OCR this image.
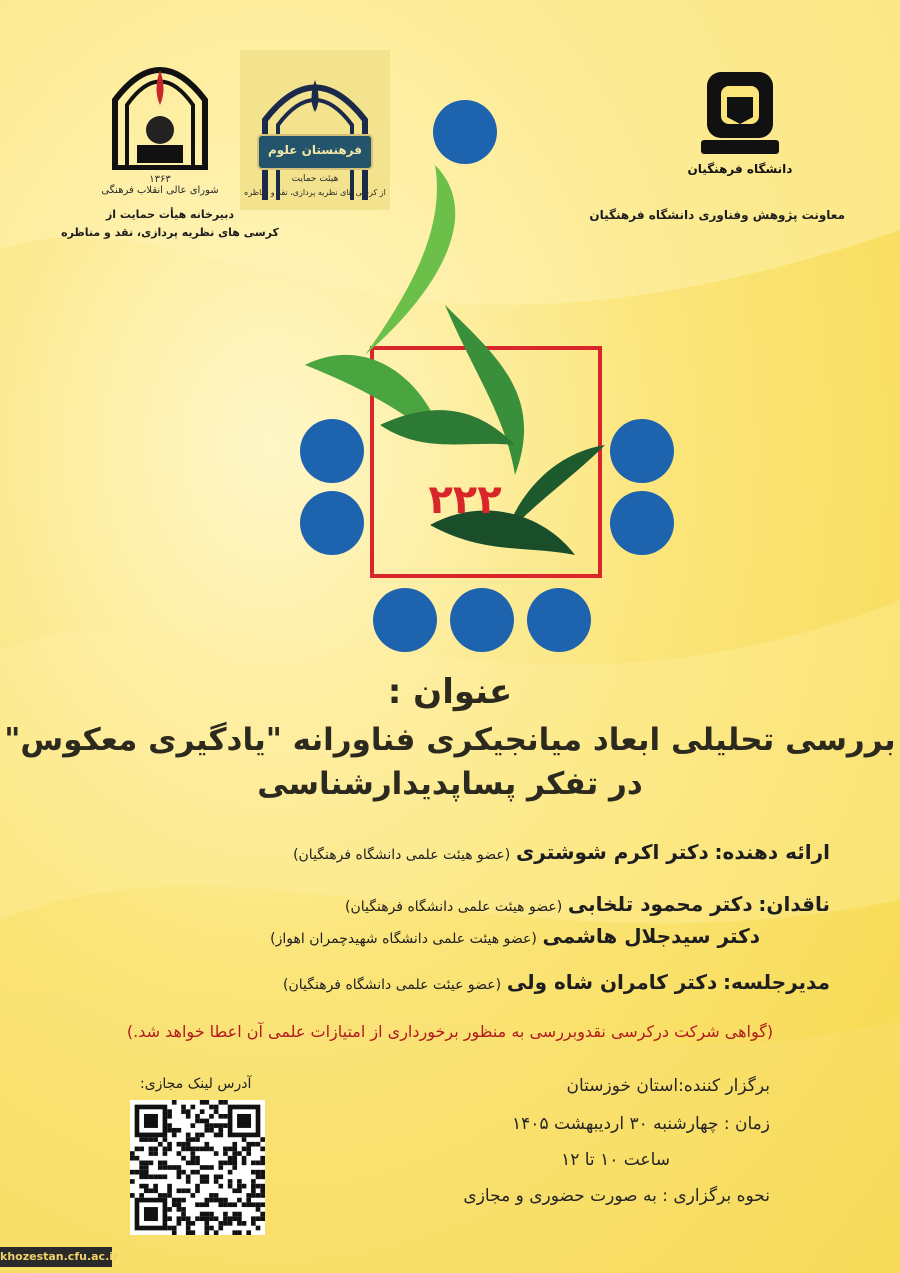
۱۳۶۳
شورای عالی انقلاب فرهنگی
دبیرخانه هیأت حمایت از
کرسی های نظریه پردازی، نقد و مناظره
فرهنستان علوم
هیئت حمایت
از کرسی های نظریه پردازی، نقد و مناظره
دانشگاه فرهنگیان
معاونت پژوهش وفناوری دانشگاه فرهنگیان
۲۲۲
عنوان :
بررسی تحلیلی ابعاد میانجیکری فناورانه "یادگیری معکوس"
در تفکر پساپدیدارشناسی
ارائه دهنده: دکتر اکرم شوشتری (عضو هیئت علمی دانشگاه فرهنگیان)
ناقدان: دکتر محمود تلخابی (عضو هیئت علمی دانشگاه فرهنگیان)
دکتر سیدجلال هاشمی (عضو هیئت علمی دانشگاه شهیدچمران اهواز)
مدیرجلسه: دکتر کامران شاه ولی (عضو عیئت علمی دانشگاه فرهنگیان)
(گواهی شرکت درکرسی نقدوبررسی به منظور برخورداری از امتیازات علمی آن اعطا خواهد شد.)
برگزار کننده:استان خوزستان
زمان : چهارشنبه ۳۰ اردیبهشت ۱۴۰۵
ساعت ۱۰ تا ۱۲
نحوه برگزاری : به صورت حضوری و مجازی
آدرس لینک مجازی:
khozestan.cfu.ac.ir
